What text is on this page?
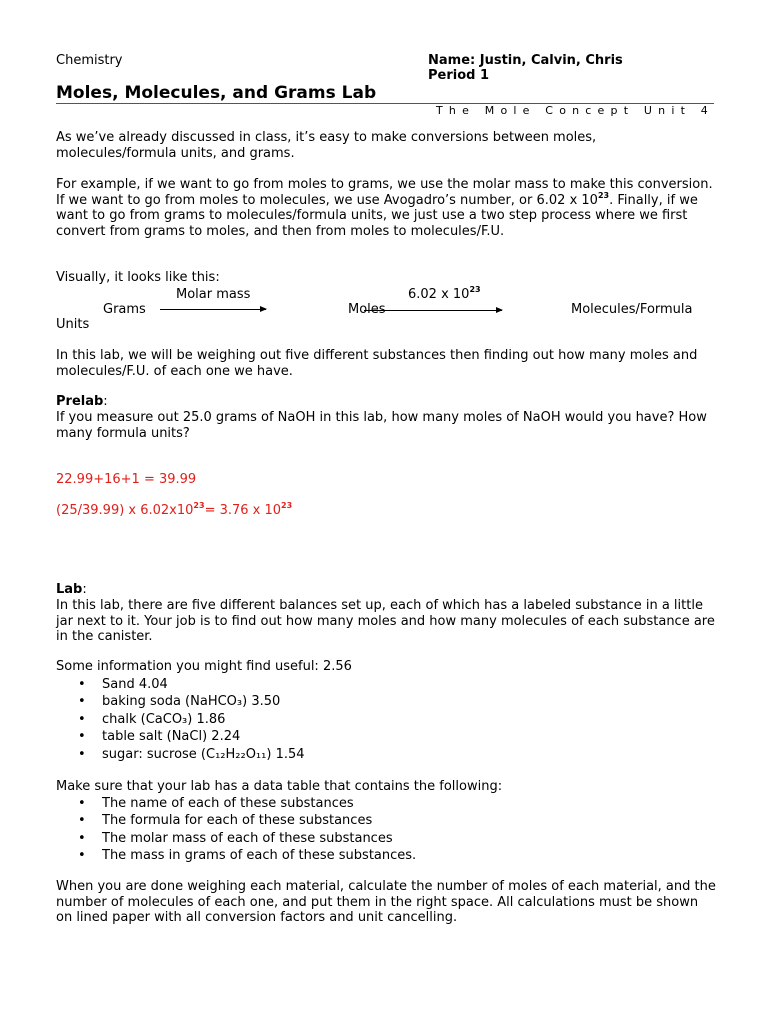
Chemistry	Name: Justin, Calvin, Chris
Period 1
Moles, Molecules, and Grams Lab
The Mole Concept Unit 4
As we’ve already discussed in class, it’s easy to make conversions between moles, molecules/formula units, and grams.
For example, if we want to go from moles to grams, we use the molar mass to make this conversion. If we want to go from moles to molecules, we use Avogadro’s number, or 6.02 x $10^{23}$. Finally, if we want to go from grams to molecules/formula units, we just use a two step process where we first convert from grams to moles, and then from moles to molecules/F.U.
Visually, it looks like this:
Molar mass	6.02 x $10^{23}$
Grams	Moles	Molecules/Formula
Units
In this lab, we will be weighing out five different substances then finding out how many moles and molecules/F.U. of each one we have.
Prelab:
If you measure out 25.0 grams of NaOH in this lab, how many moles of NaOH would you have? How many formula units?
22.99+16+1 = 39.99
(25/39.99) x $6.02x10^{23}= 3.76$ x $10^{23}$
Lab:
In this lab, there are five different balances set up, each of which has a labeled substance in a little jar next to it. Your job is to find out how many moles and how many molecules of each substance are in the canister.
Some information you might find useful: 2.56
• Sand 4.04
• baking soda (NaHCO₃) 3.50
• chalk (CaCO₃) 1.86
• table salt (NaCl) 2.24
• sugar: sucrose (C₁₂H₂₂O₁₁) 1.54
Make sure that your lab has a data table that contains the following:
• The name of each of these substances
• The formula for each of these substances
• The molar mass of each of these substances
• The mass in grams of each of these substances.
When you are done weighing each material, calculate the number of moles of each material, and the number of molecules of each one, and put them in the right space. All calculations must be shown on lined paper with all conversion factors and unit cancelling.
